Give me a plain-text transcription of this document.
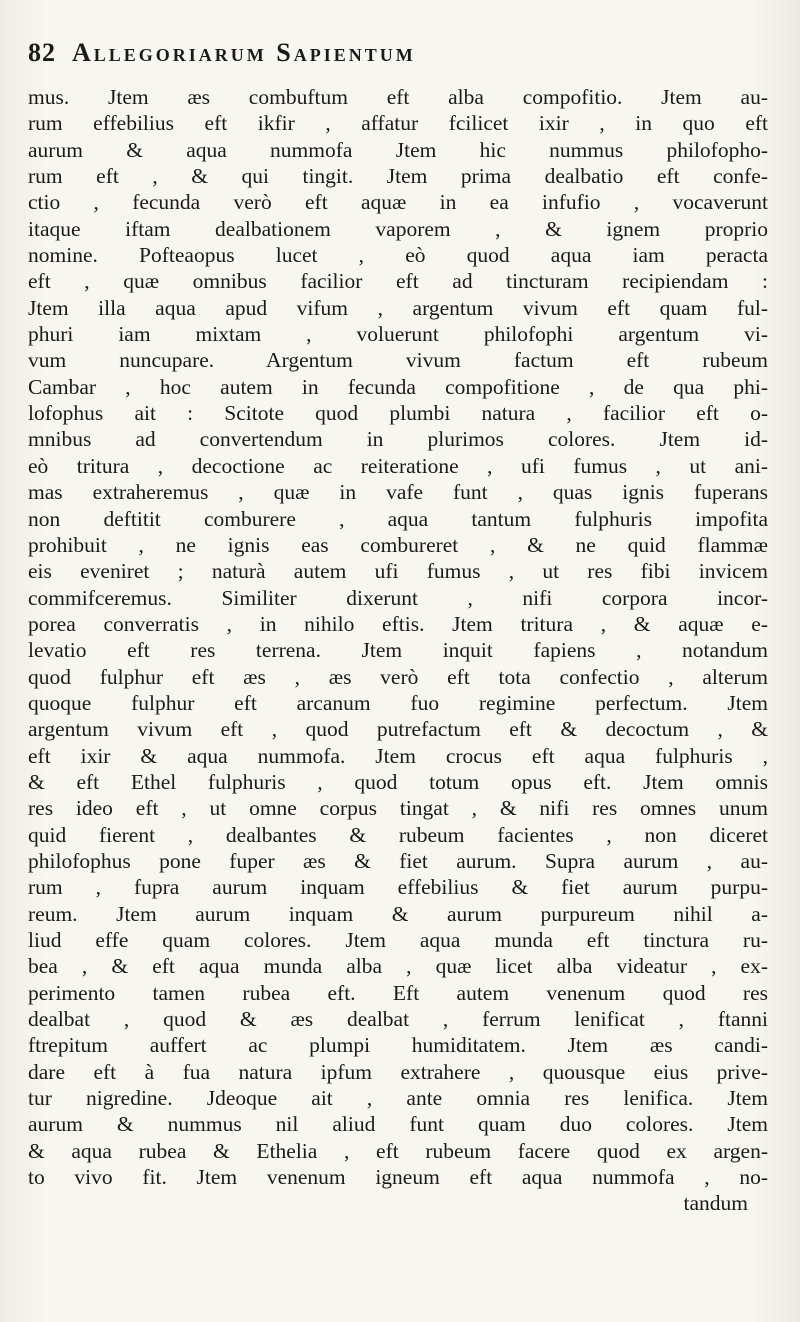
82 Allegoriarum Sapientum
mus. Jtem æs combuftum eft alba compofitio. Jtem au-
rum effebilius eft ikfir , affatur fcilicet ixir , in quo eft
aurum & aqua nummofa Jtem hic nummus philofopho-
rum eft , & qui tingit. Jtem prima dealbatio eft confe-
ctio , fecunda verò eft aquæ in ea infufio , vocaverunt
itaque iftam dealbationem vaporem , & ignem proprio
nomine. Pofteaopus lucet , eò quod aqua iam peracta
eft , quæ omnibus facilior eft ad tincturam recipiendam :
Jtem illa aqua apud vifum , argentum vivum eft quam ful-
phuri iam mixtam , voluerunt philofophi argentum vi-
vum nuncupare. Argentum vivum factum eft rubeum
Cambar , hoc autem in fecunda compofitione , de qua phi-
lofophus ait : Scitote quod plumbi natura , facilior eft o-
mnibus ad convertendum in plurimos colores. Jtem id-
eò tritura , decoctione ac reiteratione , ufi fumus , ut ani-
mas extraheremus , quæ in vafe funt , quas ignis fuperans
non deftitit comburere , aqua tantum fulphuris impofita
prohibuit , ne ignis eas combureret , & ne quid flammæ
eis eveniret ; naturà autem ufi fumus , ut res fibi invicem
commifceremus. Similiter dixerunt , nifi corpora incor-
porea converratis , in nihilo eftis. Jtem tritura , & aquæ e-
levatio eft res terrena. Jtem inquit fapiens , notandum
quod fulphur eft æs , æs verò eft tota confectio , alterum
quoque fulphur eft arcanum fuo regimine perfectum. Jtem
argentum vivum eft , quod putrefactum eft & decoctum , &
eft ixir & aqua nummofa. Jtem crocus eft aqua fulphuris ,
& eft Ethel fulphuris , quod totum opus eft. Jtem omnis
res ideo eft , ut omne corpus tingat , & nifi res omnes unum
quid fierent , dealbantes & rubeum facientes , non diceret
philofophus pone fuper æs & fiet aurum. Supra aurum , au-
rum , fupra aurum inquam effebilius & fiet aurum purpu-
reum. Jtem aurum inquam & aurum purpureum nihil a-
liud effe quam colores. Jtem aqua munda eft tinctura ru-
bea , & eft aqua munda alba , quæ licet alba videatur , ex-
perimento tamen rubea eft. Eft autem venenum quod res
dealbat , quod & æs dealbat , ferrum lenificat , ftanni
ftrepitum auffert ac plumpi humiditatem. Jtem æs candi-
dare eft à fua natura ipfum extrahere , quousque eius prive-
tur nigredine. Jdeoque ait , ante omnia res lenifica. Jtem
aurum & nummus nil aliud funt quam duo colores. Jtem
& aqua rubea & Ethelia , eft rubeum facere quod ex argen-
to vivo fit. Jtem venenum igneum eft aqua nummofa , no-
tandum
